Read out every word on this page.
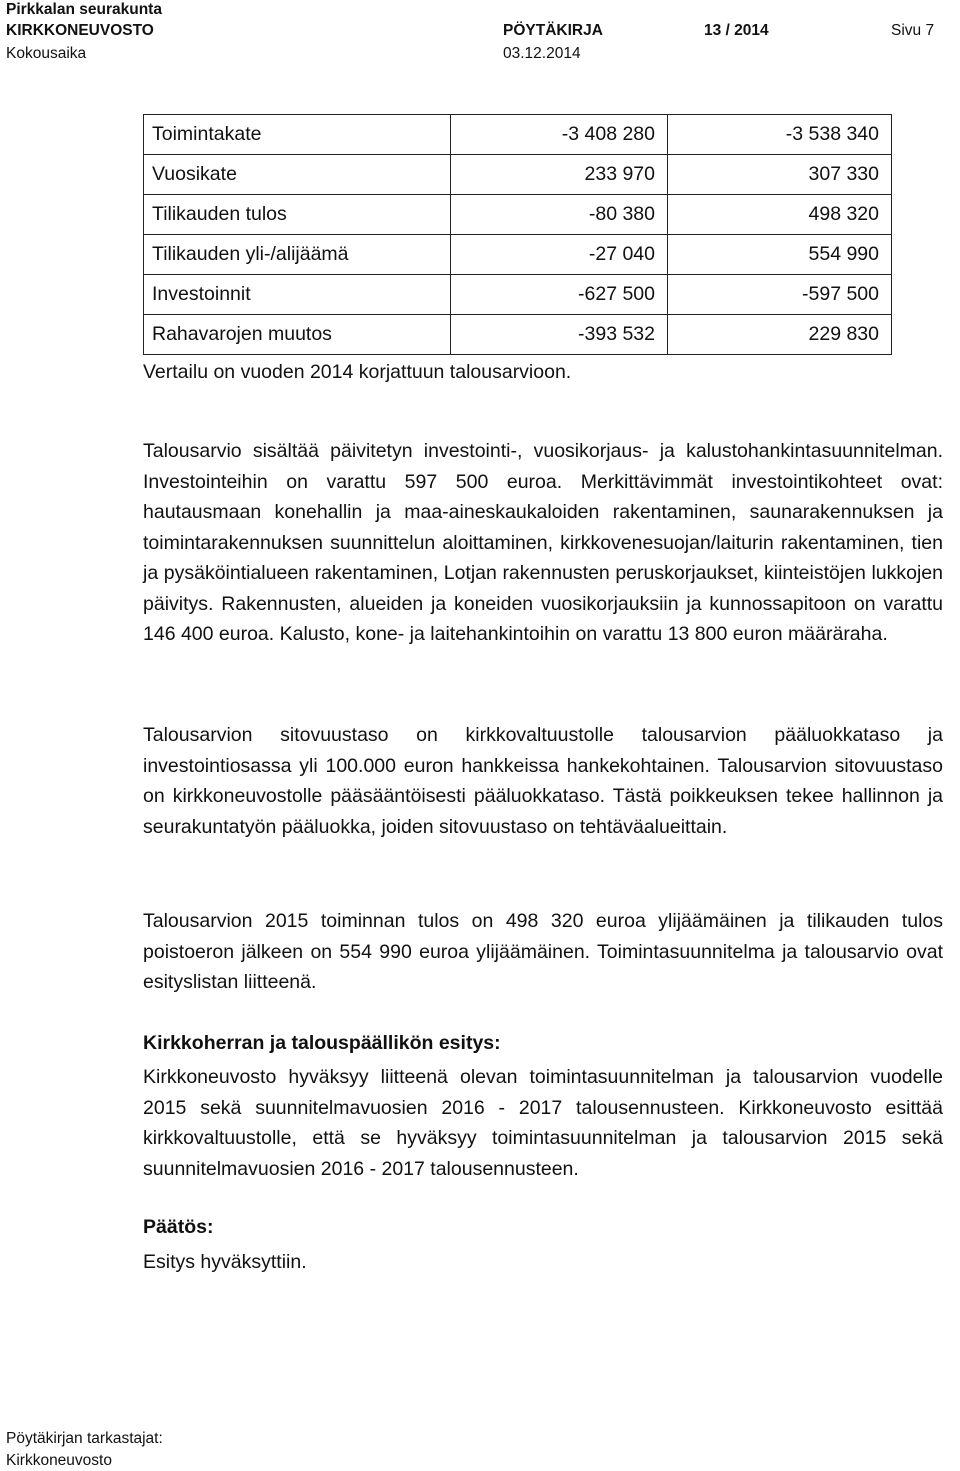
Pirkkalan seurakunta
KIRKKONEUVOSTO	PÖYTÄKIRJA	13 / 2014	Sivu 7
Kokousaika	03.12.2014
Toimintakate	-3 408 280	-3 538 340
Vuosikate	233 970	307 330
Tilikauden tulos	-80 380	498 320
Tilikauden yli-/alijäämä	-27 040	554 990
Investoinnit	-627 500	-597 500
Rahavarojen muutos	-393 532	229 830
Vertailu on vuoden 2014 korjattuun talousarvioon.

Talousarvio sisältää päivitetyn investointi-, vuosikorjaus- ja kalustohankintasuunnitelman. Investointeihin on varattu 597 500 euroa. Merkittävimmät investointikohteet ovat: hautausmaan konehallin ja maa-aineskaukaloiden rakentaminen, saunarakennuksen ja toimintarakennuksen suunnittelun aloittaminen, kirkkovenesuojan/laiturin rakentaminen, tien ja pysäköintialueen rakentaminen, Lotjan rakennusten peruskorjaukset, kiinteistöjen lukkojen päivitys. Rakennusten, alueiden ja koneiden vuosikorjauksiin ja kunnossapitoon on varattu 146 400 euroa. Kalusto, kone- ja laitehankintoihin on varattu 13 800 euron määräraha.

Talousarvion sitovuustaso on kirkkovaltuustolle talousarvion pääluokkataso ja investointiosassa yli 100.000 euron hankkeissa hankekohtainen. Talousarvion sitovuustaso on kirkkoneuvostolle pääsääntöisesti pääluokkataso. Tästä poikkeuksen tekee hallinnon ja seurakuntatyön pääluokka, joiden sitovuustaso on tehtäväalueittain.

Talousarvion 2015 toiminnan tulos on 498 320 euroa ylijäämäinen ja tilikauden tulos poistoeron jälkeen on 554 990 euroa ylijäämäinen. Toimintasuunnitelma ja talousarvio ovat esityslistan liitteenä.

Kirkkoherran ja talouspäällikön esitys:

Kirkkoneuvosto hyväksyy liitteenä olevan toimintasuunnitelman ja talousarvion vuodelle 2015 sekä suunnitelmavuosien 2016 - 2017 talousennusteen. Kirkkoneuvosto esittää kirkkovaltuustolle, että se hyväksyy toimintasuunnitelman ja talousarvion 2015 sekä suunnitelmavuosien 2016 - 2017 talousennusteen.

Päätös:
Esitys hyväksyttiin.
Pöytäkirjan tarkastajat:
Kirkkoneuvosto
